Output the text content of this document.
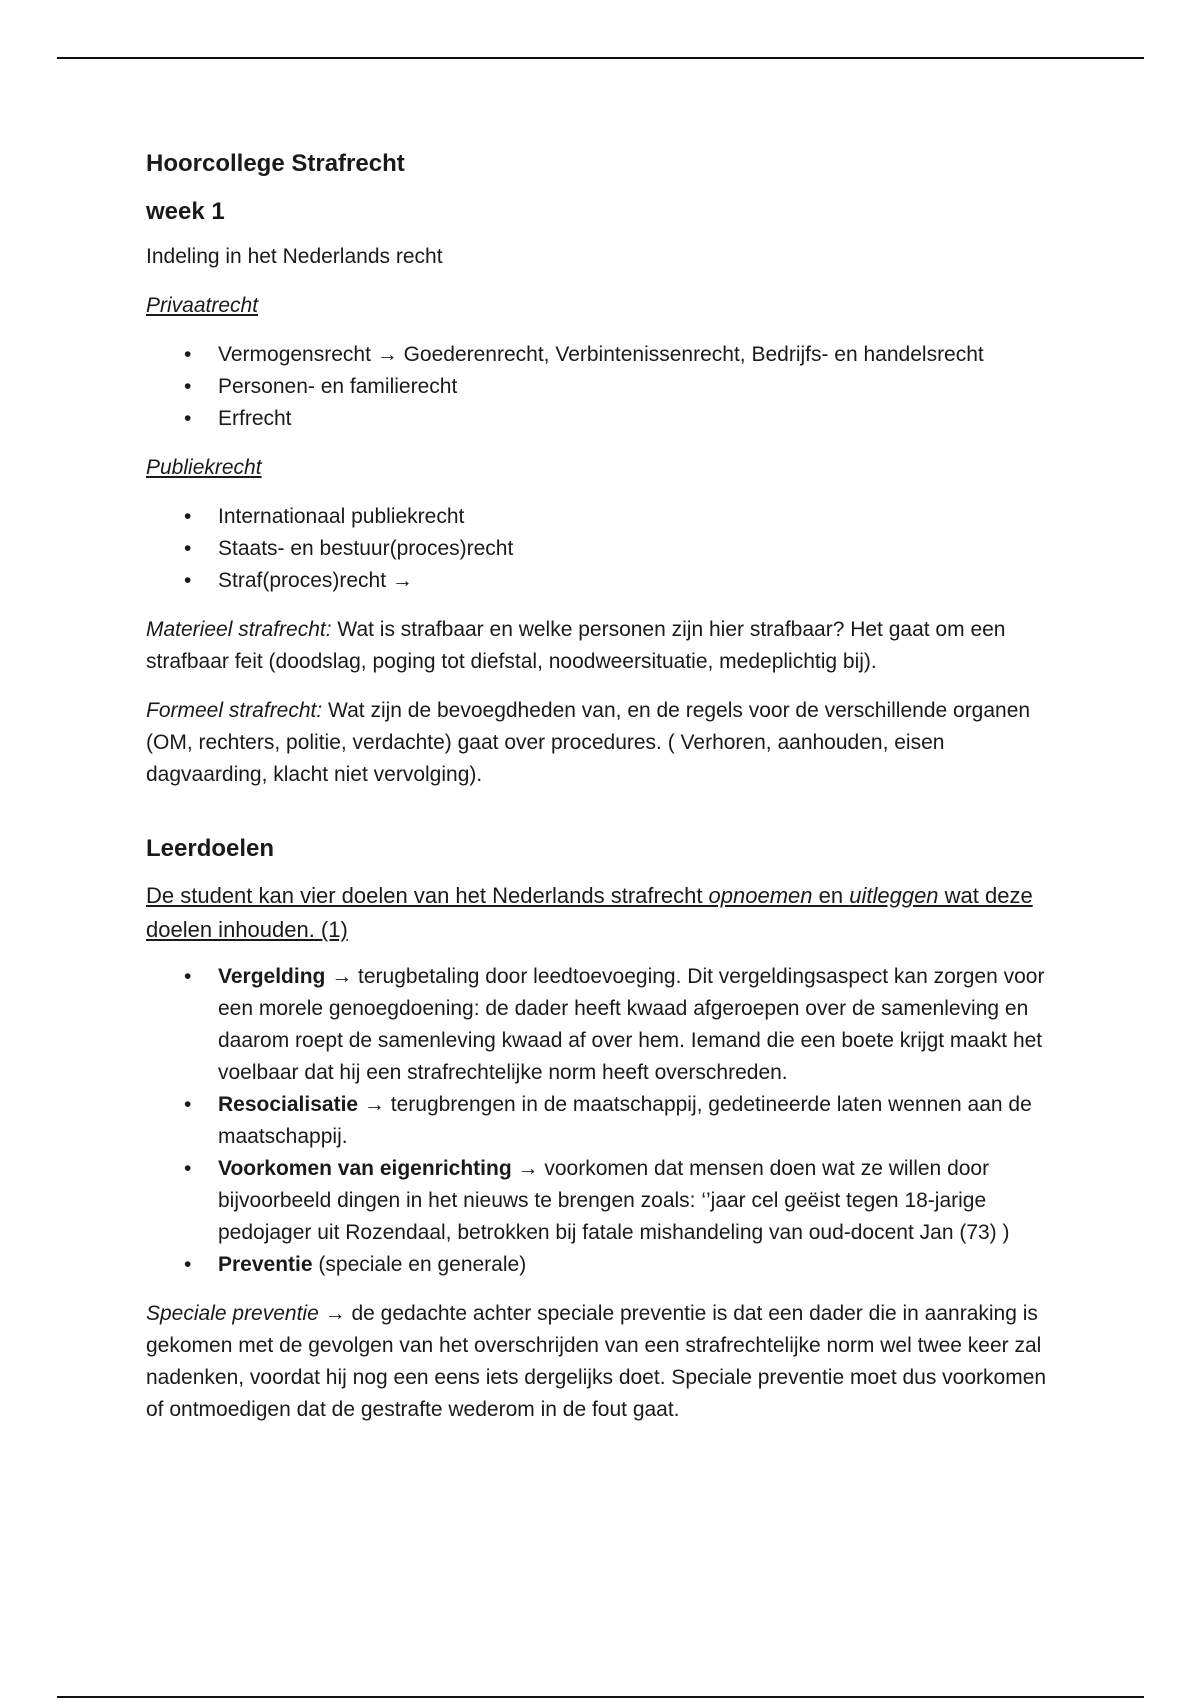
Hoorcollege Strafrecht
week 1

Indeling in het Nederlands recht

Privaatrecht

• Vermogensrecht → Goederenrecht, Verbintenissenrecht, Bedrijfs- en handelsrecht
• Personen- en familierecht
• Erfrecht

Publiekrecht

• Internationaal publiekrecht
• Staats- en bestuur(proces)recht
• Straf(proces)recht →

Materieel strafrecht: Wat is strafbaar en welke personen zijn hier strafbaar? Het gaat om een strafbaar feit (doodslag, poging tot diefstal, noodweersituatie, medeplichtig bij).

Formeel strafrecht: Wat zijn de bevoegdheden van, en de regels voor de verschillende organen (OM, rechters, politie, verdachte) gaat over procedures. ( Verhoren, aanhouden, eisen dagvaarding, klacht niet vervolging).

Leerdoelen

De student kan vier doelen van het Nederlands strafrecht opnoemen en uitleggen wat deze doelen inhouden. (1)

• Vergelding → terugbetaling door leedtoevoeging. Dit vergeldingsaspect kan zorgen voor een morele genoegdoening: de dader heeft kwaad afgeroepen over de samenleving en daarom roept de samenleving kwaad af over hem. Iemand die een boete krijgt maakt het voelbaar dat hij een strafrechtelijke norm heeft overschreden.
• Resocialisatie → terugbrengen in de maatschappij, gedetineerde laten wennen aan de maatschappij.
• Voorkomen van eigenrichting → voorkomen dat mensen doen wat ze willen door bijvoorbeeld dingen in het nieuws te brengen zoals: ‘’jaar cel geëist tegen 18-jarige pedojager uit Rozendaal, betrokken bij fatale mishandeling van oud-docent Jan (73) )
• Preventie (speciale en generale)

Speciale preventie → de gedachte achter speciale preventie is dat een dader die in aanraking is gekomen met de gevolgen van het overschrijden van een strafrechtelijke norm wel twee keer zal nadenken, voordat hij nog een eens iets dergelijks doet. Speciale preventie moet dus voorkomen of ontmoedigen dat de gestrafte wederom in de fout gaat.
